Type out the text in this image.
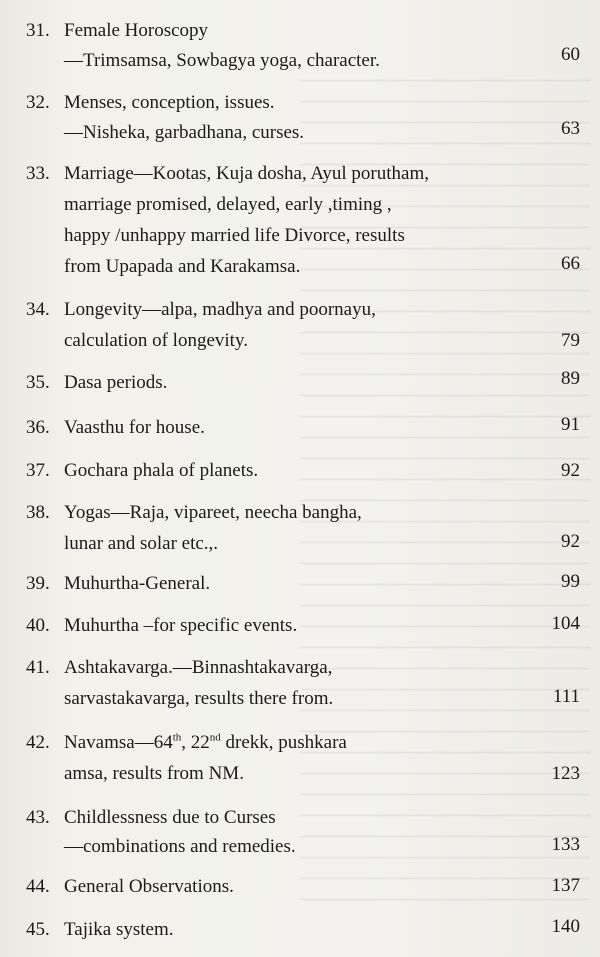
31. Female Horoscopy
—Trimsamsa, Sowbagya yoga, character.	60
32. Menses, conception, issues.
—Nisheka, garbadhana, curses.	63
33. Marriage—Kootas, Kuja dosha, Ayul porutham,
marriage promised, delayed, early ,timing ,
happy /unhappy married life Divorce, results
from Upapada and Karakamsa.	66
34. Longevity—alpa, madhya and poornayu,
calculation of longevity.	79
35. Dasa periods.	89
36. Vaasthu for house.	91
37. Gochara phala of planets.	92
38. Yogas—Raja, vipareet, neecha bangha,
lunar and solar etc.,.	92
39. Muhurtha-General.	99
40. Muhurtha –for specific events.	104
41. Ashtakavarga.—Binnashtakavarga,
sarvastakavarga, results there from.	111
42. Navamsa—64th, 22nd drekk, pushkara
amsa, results from NM.	123
43. Childlessness due to Curses
—combinations and remedies.	133
44. General Observations.	137
45. Tajika system.	140
